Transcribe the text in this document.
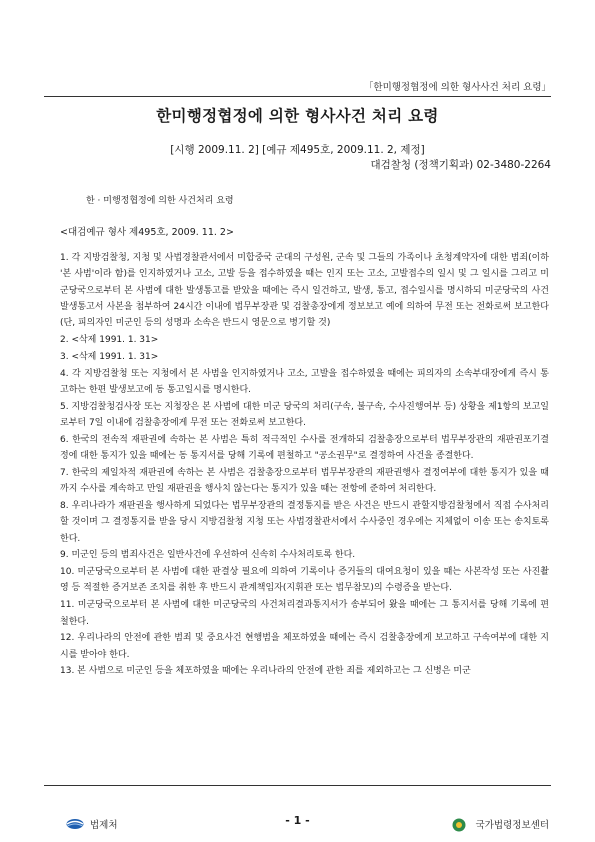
「한미행정협정에 의한 형사사건 처리 요령」
한미행정협정에 의한 형사사건 처리 요령
[시행 2009.11. 2] [예규 제495호, 2009.11. 2, 제정]
대검찰청 (정책기획과) 02-3480-2264
한 · 미행정협정에 의한 사건처리 요령
<대검예규 형사 제495호, 2009. 11. 2>

1. 각 지방검찰청, 지청 및 사법경찰관서에서 미합중국 군대의 구성원, 군속 및 그들의 가족이나 초청계약자에 대한 범죄(이하 '본 사범'이라 함)를 인지하였거나 고소, 고발 등을 접수하였을 때는 인지 또는 고소, 고발접수의 일시 및 그 일시를 그리고 미군당국으로부터 본 사범에 대한 발생통고를 받았을 때에는 즉시 일건하고, 발생, 통고, 접수일시를 명시하되 미군당국의 사건발생통고서 사본을 첨부하여 24시간 이내에 법무부장관 및 검찰총장에게 정보보고 예에 의하여 무전 또는 전화로써 보고한다(단, 피의자인 미군인 등의 성명과 소속은 반드시 영문으로 병기할 것)

2. <삭제 1991. 1. 31>

3. <삭제 1991. 1. 31>

4. 각 지방검찰청 또는 지청에서 본 사범을 인지하였거나 고소, 고발을 접수하였을 때에는 피의자의 소속부대장에게 즉시 통고하는 한편 발생보고에 동 통고일시를 명시한다.

5. 지방검찰청검사장 또는 지청장은 본 사범에 대한 미군 당국의 처리(구속, 불구속, 수사진행여부 등) 상황을 제1항의 보고일로부터 7일 이내에 검찰총장에게 무전 또는 전화로써 보고한다.

6. 한국의 전속적 재판권에 속하는 본 사범은 특히 적극적인 수사를 전개하되 검찰총장으로부터 법무부장관의 재판권포기결정에 대한 통지가 있을 때에는 동 통지서를 당해 기록에 편철하고 "공소권무"로 결정하여 사건을 종결한다.

7. 한국의 제일차적 재판권에 속하는 본 사범은 검찰총장으로부터 법무부장관의 재판권행사 결정여부에 대한 통지가 있을 때까지 수사를 계속하고 만일 재판권을 행사치 않는다는 통지가 있을 때는 전항에 준하여 처리한다.

8. 우리나라가 재판권을 행사하게 되었다는 법무부장관의 결정통지를 받은 사건은 반드시 관할지방검찰청에서 직접 수사처리할 것이며 그 결정통지를 받을 당시 지방검찰청 지청 또는 사법경찰관서에서 수사중인 경우에는 지체없이 이송 또는 송치토록 한다.

9. 미군인 등의 범죄사건은 일반사건에 우선하여 신속히 수사처리토록 한다.

10. 미군당국으로부터 본 사범에 대한 판결상 필요에 의하여 기록이나 증거들의 대여요청이 있을 때는 사본작성 또는 사진촬영 등 적절한 증거보존 조치를 취한 후 반드시 관계책임자(지휘관 또는 법무참모)의 수령증을 받는다.

11. 미군당국으로부터 본 사범에 대한 미군당국의 사건처리결과통지서가 송부되어 왔을 때에는 그 통지서를 당해 기록에 편철한다.

12. 우리나라의 안전에 관한 범죄 및 중요사건 현행범을 체포하였을 때에는 즉시 검찰총장에게 보고하고 구속여부에 대한 지시를 받아야 한다.

13. 본 사범으로 미군인 등을 체포하였을 때에는 우리나라의 안전에 관한 죄를 제외하고는 그 신병은 미군

법제처	- 1 -	국가법령정보센터
